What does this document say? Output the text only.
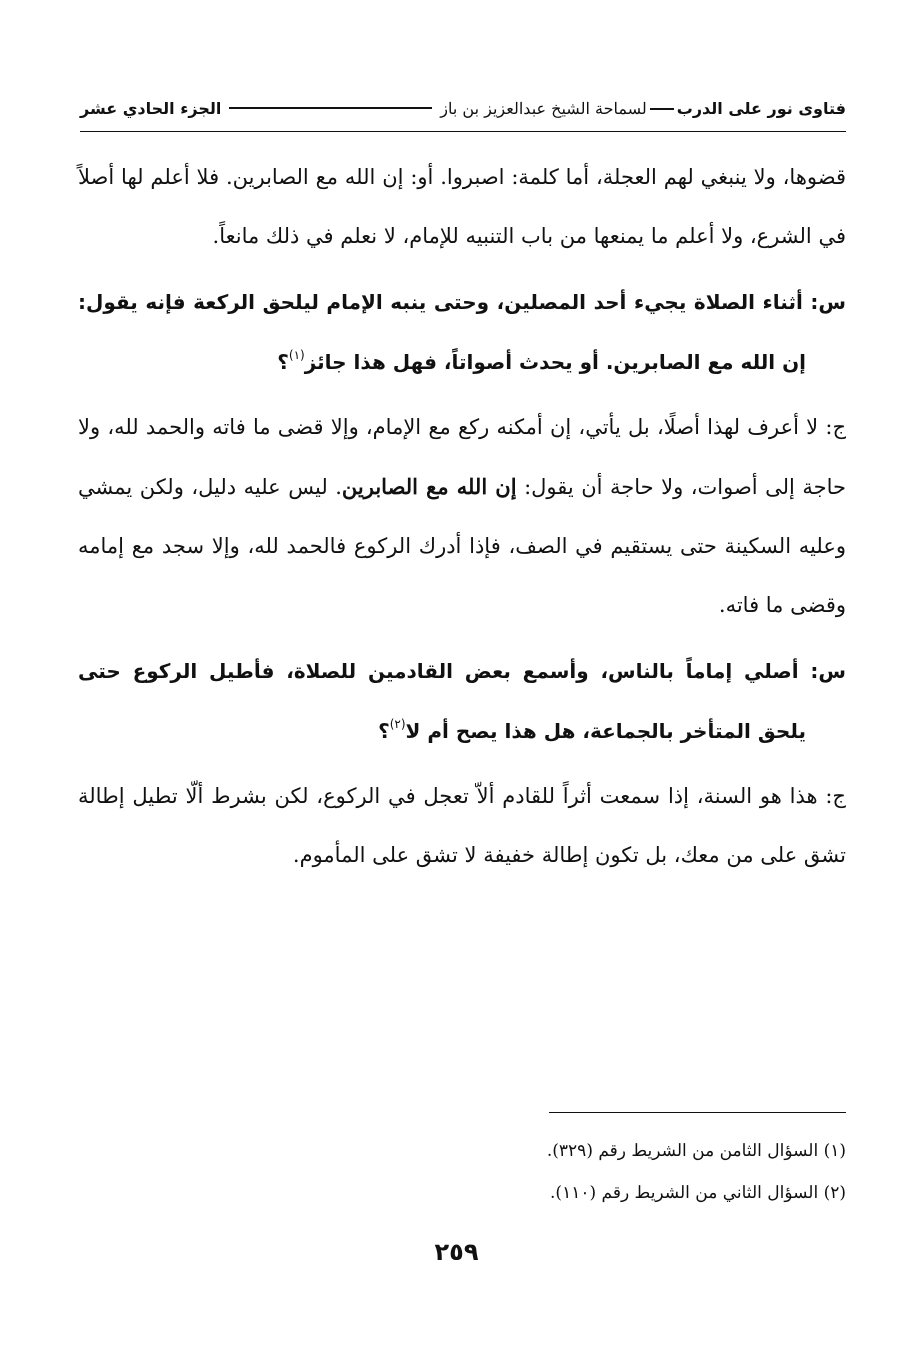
فتاوى نور على الدربلسماحة الشيخ عبدالعزيز بن باز
الجزء الحادي عشر

قضوها، ولا ينبغي لهم العجلة، أما كلمة: اصبروا. أو: إن الله مع الصابرين. فلا أعلم لها أصلاً في الشرع، ولا أعلم ما يمنعها من باب التنبيه للإمام، لا نعلم في ذلك مانعاً.

س: أثناء الصلاة يجيء أحد المصلين، وحتى ينبه الإمام ليلحق الركعة فإنه يقول: إن الله مع الصابرين. أو يحدث أصواتاً، فهل هذا جائز$^{(١)}$؟

ج: لا أعرف لهذا أصلًا، بل يأتي، إن أمكنه ركع مع الإمام، وإلا قضى ما فاته والحمد لله، ولا حاجة إلى أصوات، ولا حاجة أن يقول: إن الله مع الصابرين. ليس عليه دليل، ولكن يمشي وعليه السكينة حتى يستقيم في الصف، فإذا أدرك الركوع فالحمد لله، وإلا سجد مع إمامه وقضى ما فاته.

س: أصلي إماماً بالناس، وأسمع بعض القادمين للصلاة، فأطيل الركوع حتى يلحق المتأخر بالجماعة، هل هذا يصح أم لا$^{(٢)}$؟

ج: هذا هو السنة، إذا سمعت أثراً للقادم ألاّ تعجل في الركوع، لكن بشرط ألّا تطيل إطالة تشق على من معك، بل تكون إطالة خفيفة لا تشق على المأموم.

(١) السؤال الثامن من الشريط رقم (٣٢٩).

(٢) السؤال الثاني من الشريط رقم (١١٠).

٢٥٩
